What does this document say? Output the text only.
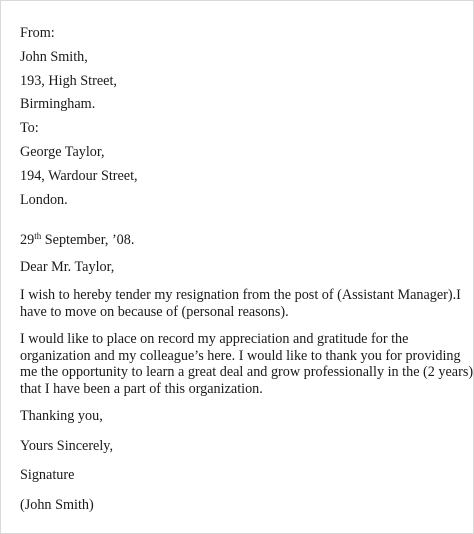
From:
John Smith,
193, High Street,
Birmingham.
To:
George Taylor,
194, Wardour Street,
London.
29th September, ’08.
Dear Mr. Taylor,
I wish to hereby tender my resignation from the post of (Assistant Manager).I
have to move on because of (personal reasons).
I would like to place on record my appreciation and gratitude for the
organization and my colleague’s here. I would like to thank you for providing
me the opportunity to learn a great deal and grow professionally in the (2 years)
that I have been a part of this organization.
Thanking you,
Yours Sincerely,
Signature
(John Smith)
